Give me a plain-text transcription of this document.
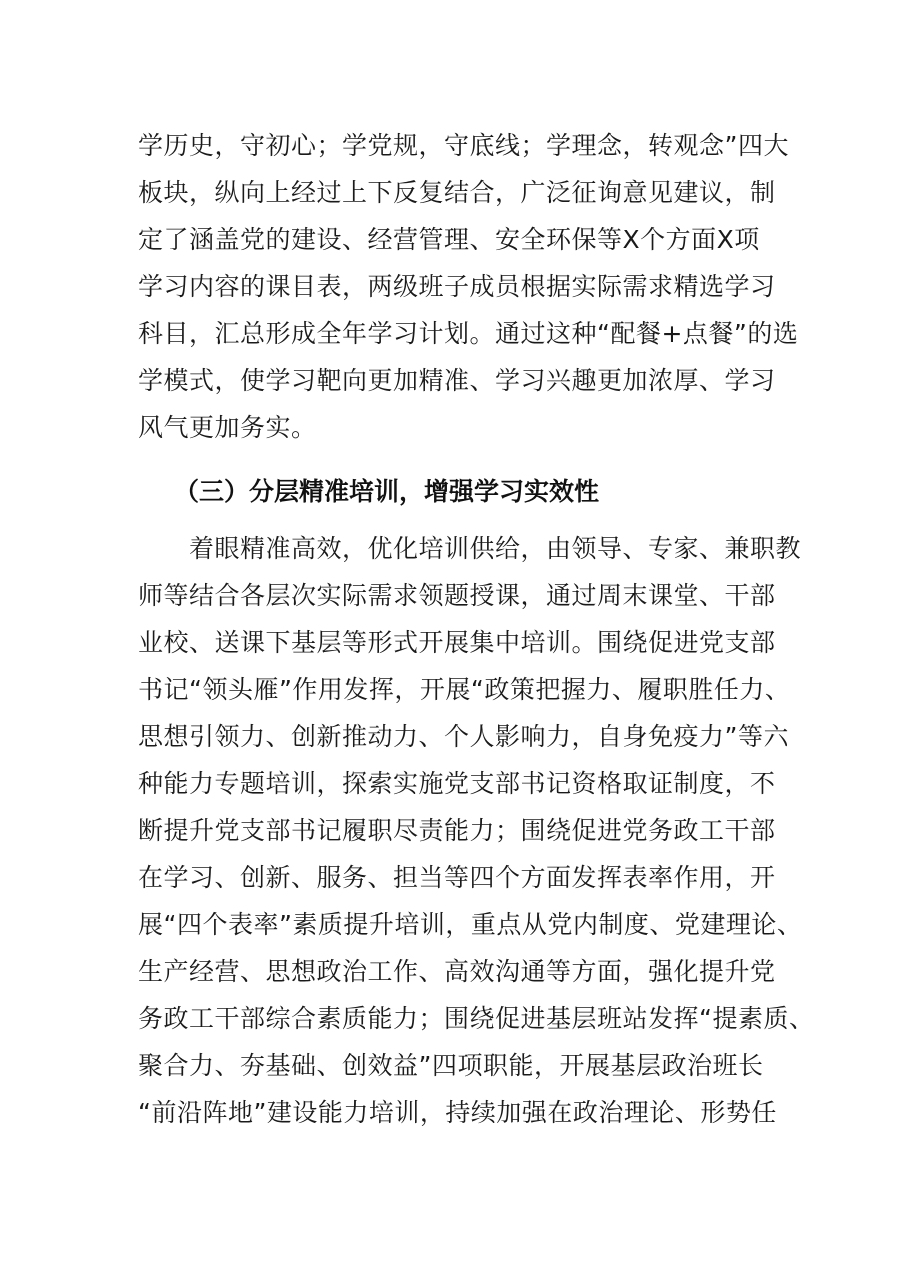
学历史，守初心；学党规，守底线；学理念，转观念”四大
板块，纵向上经过上下反复结合，广泛征询意见建议，制
定了涵盖党的建设、经营管理、安全环保等X个方面X项
学习内容的课目表，两级班子成员根据实际需求精选学习
科目，汇总形成全年学习计划。通过这种“配餐+点餐”的选
学模式，使学习靶向更加精准、学习兴趣更加浓厚、学习
风气更加务实。
（三）分层精准培训，增强学习实效性
　　着眼精准高效，优化培训供给，由领导、专家、兼职教
师等结合各层次实际需求领题授课，通过周末课堂、干部
业校、送课下基层等形式开展集中培训。围绕促进党支部
书记“领头雁”作用发挥，开展“政策把握力、履职胜任力、
思想引领力、创新推动力、个人影响力，自身免疫力”等六
种能力专题培训，探索实施党支部书记资格取证制度，不
断提升党支部书记履职尽责能力；围绕促进党务政工干部
在学习、创新、服务、担当等四个方面发挥表率作用，开
展“四个表率”素质提升培训，重点从党内制度、党建理论、
生产经营、思想政治工作、高效沟通等方面，强化提升党
务政工干部综合素质能力；围绕促进基层班站发挥“提素质、
聚合力、夯基础、创效益”四项职能，开展基层政治班长
“前沿阵地”建设能力培训，持续加强在政治理论、形势任
